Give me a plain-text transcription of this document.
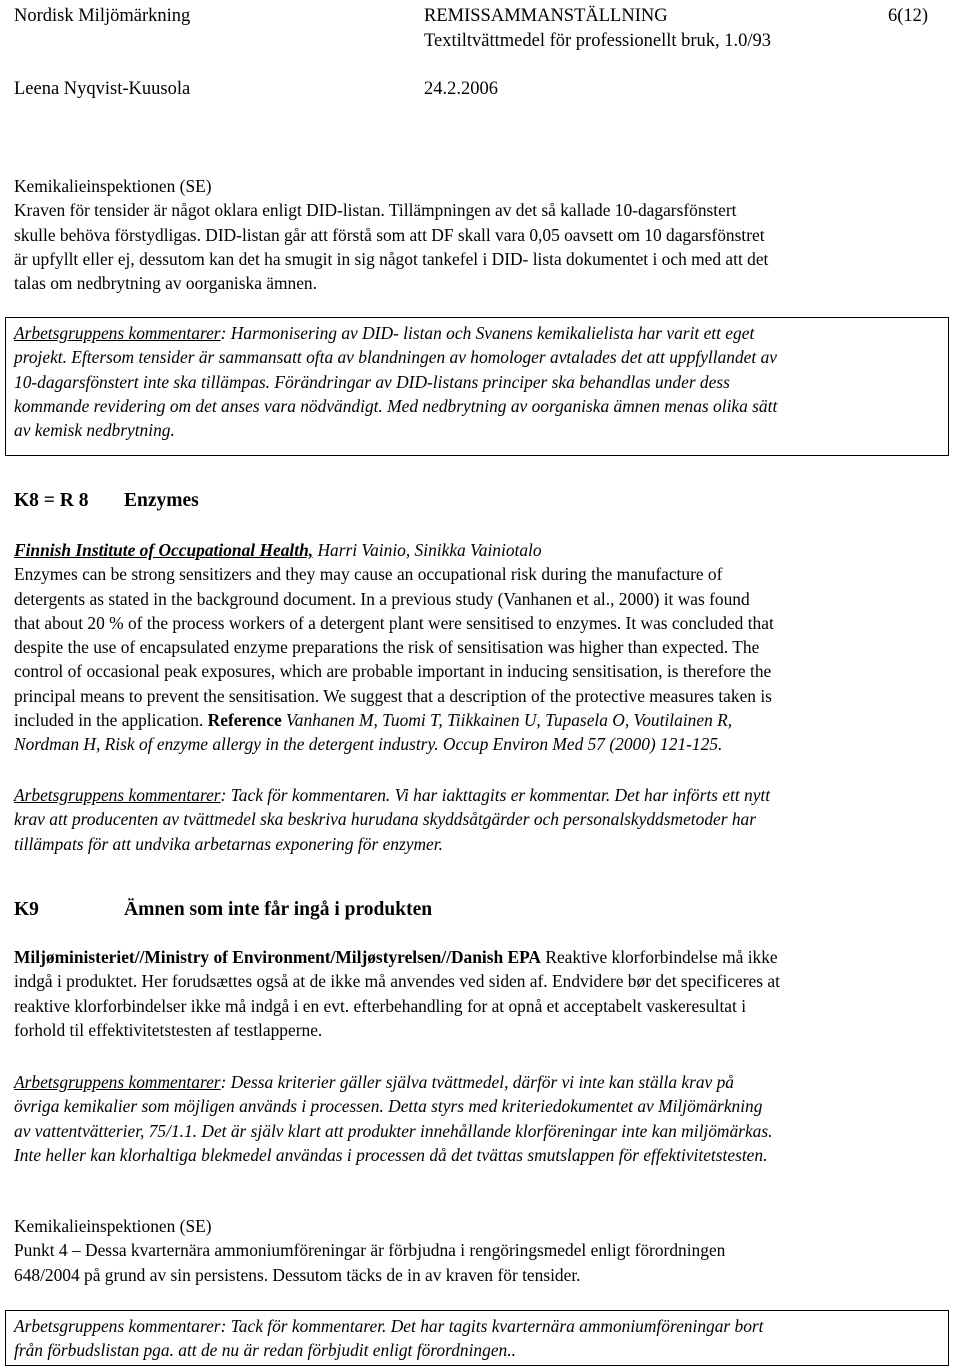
Nordisk Miljömärkning	REMISSAMMANSTÄLLNING	6(12)
Textiltvättmedel för professionellt bruk, 1.0/93
Leena Nyqvist-Kuusola	24.2.2006
Kemikalieinspektionen (SE)
Kraven för tensider är något oklara enligt DID-listan. Tillämpningen av det så kallade 10-dagarsfönstert
skulle behöva förstydligas. DID-listan går att förstå som att DF skall vara 0,05 oavsett om 10 dagarsfönstret
är upfyllt eller ej, dessutom kan det ha smugit in sig något tankefel i DID- lista dokumentet i och med att det
talas om nedbrytning av oorganiska ämnen.
Arbetsgruppens kommentarer: Harmonisering av DID- listan och Svanens kemikalielista har varit ett eget
projekt. Eftersom tensider är sammansatt ofta av blandningen av homologer avtalades det att uppfyllandet av
10-dagarsfönstert inte ska tillämpas. Förändringar av DID-listans principer ska behandlas under dess
kommande revidering om det anses vara nödvändigt. Med nedbrytning av oorganiska ämnen menas olika sätt
av kemisk nedbrytning.
K8 = R 8 Enzymes
Finnish Institute of Occupational Health, Harri Vainio, Sinikka Vainiotalo
Enzymes can be strong sensitizers and they may cause an occupational risk during the manufacture of
detergents as stated in the background document. In a previous study (Vanhanen et al., 2000) it was found
that about 20 % of the process workers of a detergent plant were sensitised to enzymes. It was concluded that
despite the use of encapsulated enzyme preparations the risk of sensitisation was higher than expected. The
control of occasional peak exposures, which are probable important in inducing sensitisation, is therefore the
principal means to prevent the sensitisation. We suggest that a description of the protective measures taken is
included in the application. Reference Vanhanen M, Tuomi T, Tiikkainen U, Tupasela O, Voutilainen R,
Nordman H, Risk of enzyme allergy in the detergent industry. Occup Environ Med 57 (2000) 121-125.
Arbetsgruppens kommentarer: Tack för kommentaren. Vi har iakttagits er kommentar. Det har införts ett nytt
krav att producenten av tvättmedel ska beskriva hurudana skyddsåtgärder och personalskyddsmetoder har
tillämpats för att undvika arbetarnas exponering för enzymer.
K9	Ämnen som inte får ingå i produkten
Miljøministeriet//Ministry of Environment/Miljøstyrelsen//Danish EPA Reaktive klorforbindelse må ikke
indgå i produktet. Her forudsættes også at de ikke må anvendes ved siden af. Endvidere bør det specificeres at
reaktive klorforbindelser ikke må indgå i en evt. efterbehandling for at opnå et acceptabelt vaskeresultat i
forhold til effektivitetstesten af testlapperne.
Arbetsgruppens kommentarer: Dessa kriterier gäller själva tvättmedel, därför vi inte kan ställa krav på
övriga kemikalier som möjligen används i processen. Detta styrs med kriteriedokumentet av Miljömärkning
av vattentvätterier, 75/1.1. Det är själv klart att produkter innehållande klorföreningar inte kan miljömärkas.
Inte heller kan klorhaltiga blekmedel användas i processen då det tvättas smutslappen för effektivitetstesten.
Kemikalieinspektionen (SE)
Punkt 4 – Dessa kvarternära ammoniumföreningar är förbjudna i rengöringsmedel enligt förordningen
648/2004 på grund av sin persistens. Dessutom täcks de in av kraven för tensider.
Arbetsgruppens kommentarer: Tack för kommentarer. Det har tagits kvarternära ammoniumföreningar bort
från förbudslistan pga. att de nu är redan förbjudit enligt förordningen..
